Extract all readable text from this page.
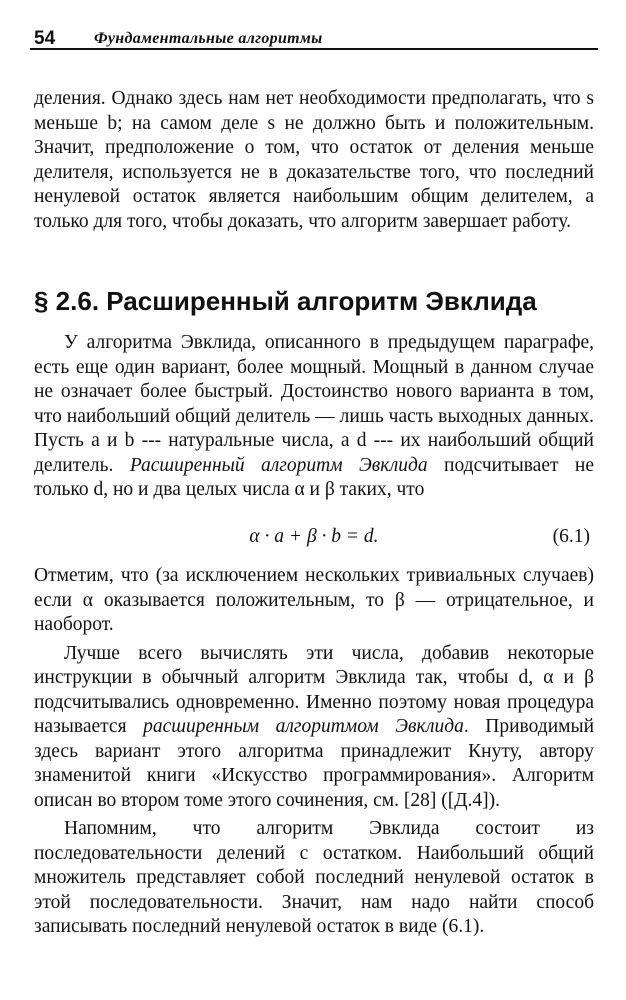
54 Фундаментальные алгоритмы

деления. Однако здесь нам нет необходимости предполагать, что s меньше b; на самом деле s не должно быть и положительным. Значит, предположение о том, что остаток от деления меньше делителя, используется не в доказательстве того, что последний ненулевой остаток является наибольшим общим делителем, а только для того, чтобы доказать, что алгоритм завершает работу.

§ 2.6. Расширенный алгоритм Эвклида

У алгоритма Эвклида, описанного в предыдущем параграфе, есть еще один вариант, более мощный. Мощный в данном случае не означает более быстрый. Достоинство нового варианта в том, что наибольший общий делитель — лишь часть выходных данных. Пусть a и b --- натуральные числа, а d --- их наибольший общий делитель. Расширенный алгоритм Эвклида подсчитывает не только d, но и два целых числа α и β таких, что

α · a + β · b = d.	(6.1)

Отметим, что (за исключением нескольких тривиальных случаев) если α оказывается положительным, то β — отрицательное, и наоборот.

Лучше всего вычислять эти числа, добавив некоторые инструкции в обычный алгоритм Эвклида так, чтобы d, α и β подсчитывались одновременно. Именно поэтому новая процедура называется расширенным алгоритмом Эвклида. Приводимый здесь вариант этого алгоритма принадлежит Кнуту, автору знаменитой книги «Искусство программирования». Алгоритм описан во втором томе этого сочинения, см. [28] ([Д.4]).

Напомним, что алгоритм Эвклида состоит из последовательности делений с остатком. Наибольший общий множитель представляет собой последний ненулевой остаток в этой последовательности. Значит, нам надо найти способ записывать последний ненулевой остаток в виде (6.1).
